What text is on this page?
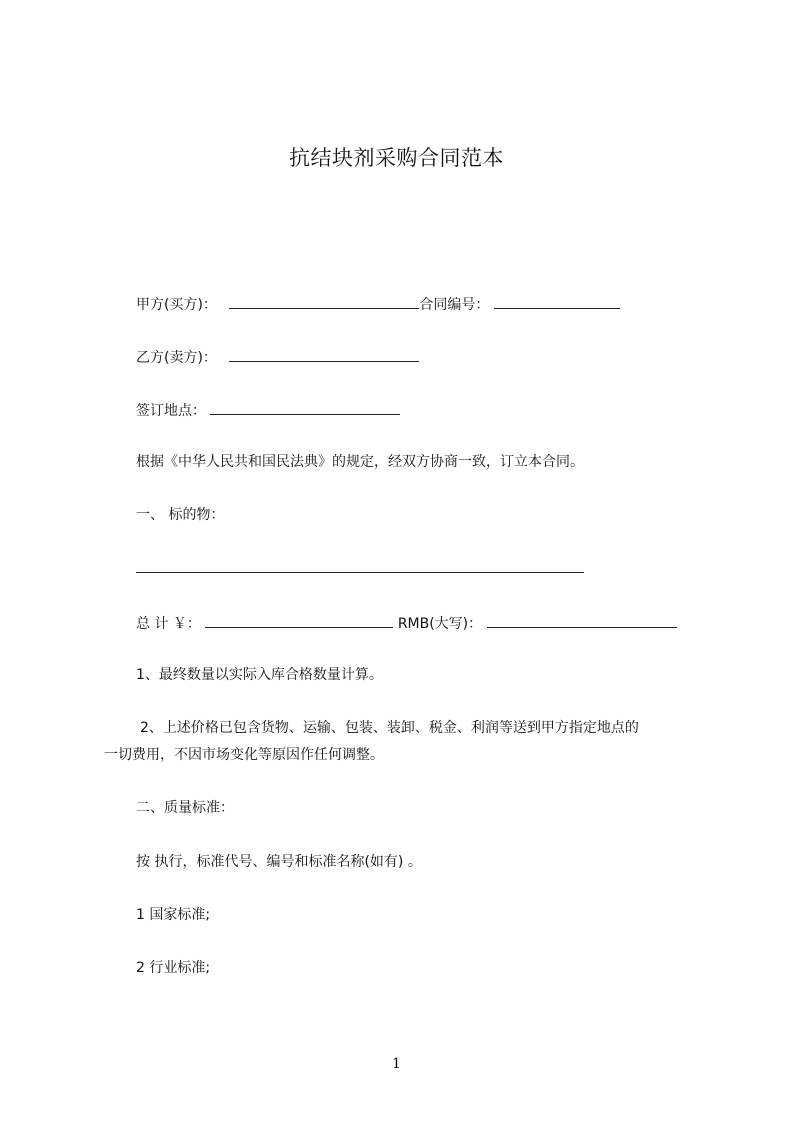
抗结块剂采购合同范本
甲方(买方)：	合同编号：
乙方(卖方)：
签订地点：
根据《中华人民共和国民法典》的规定，经双方协商一致，订立本合同。
一、 标的物：
总 计 ￥：	RMB(大写)：
1、最终数量以实际入库合格数量计算。
2、上述价格已包含货物、运输、包装、装卸、税金、利润等送到甲方指定地点的
一切费用，不因市场变化等原因作任何调整。
二、质量标准：
按 执行，标准代号、编号和标准名称(如有) 。
1 国家标准;
2 行业标准;
1
